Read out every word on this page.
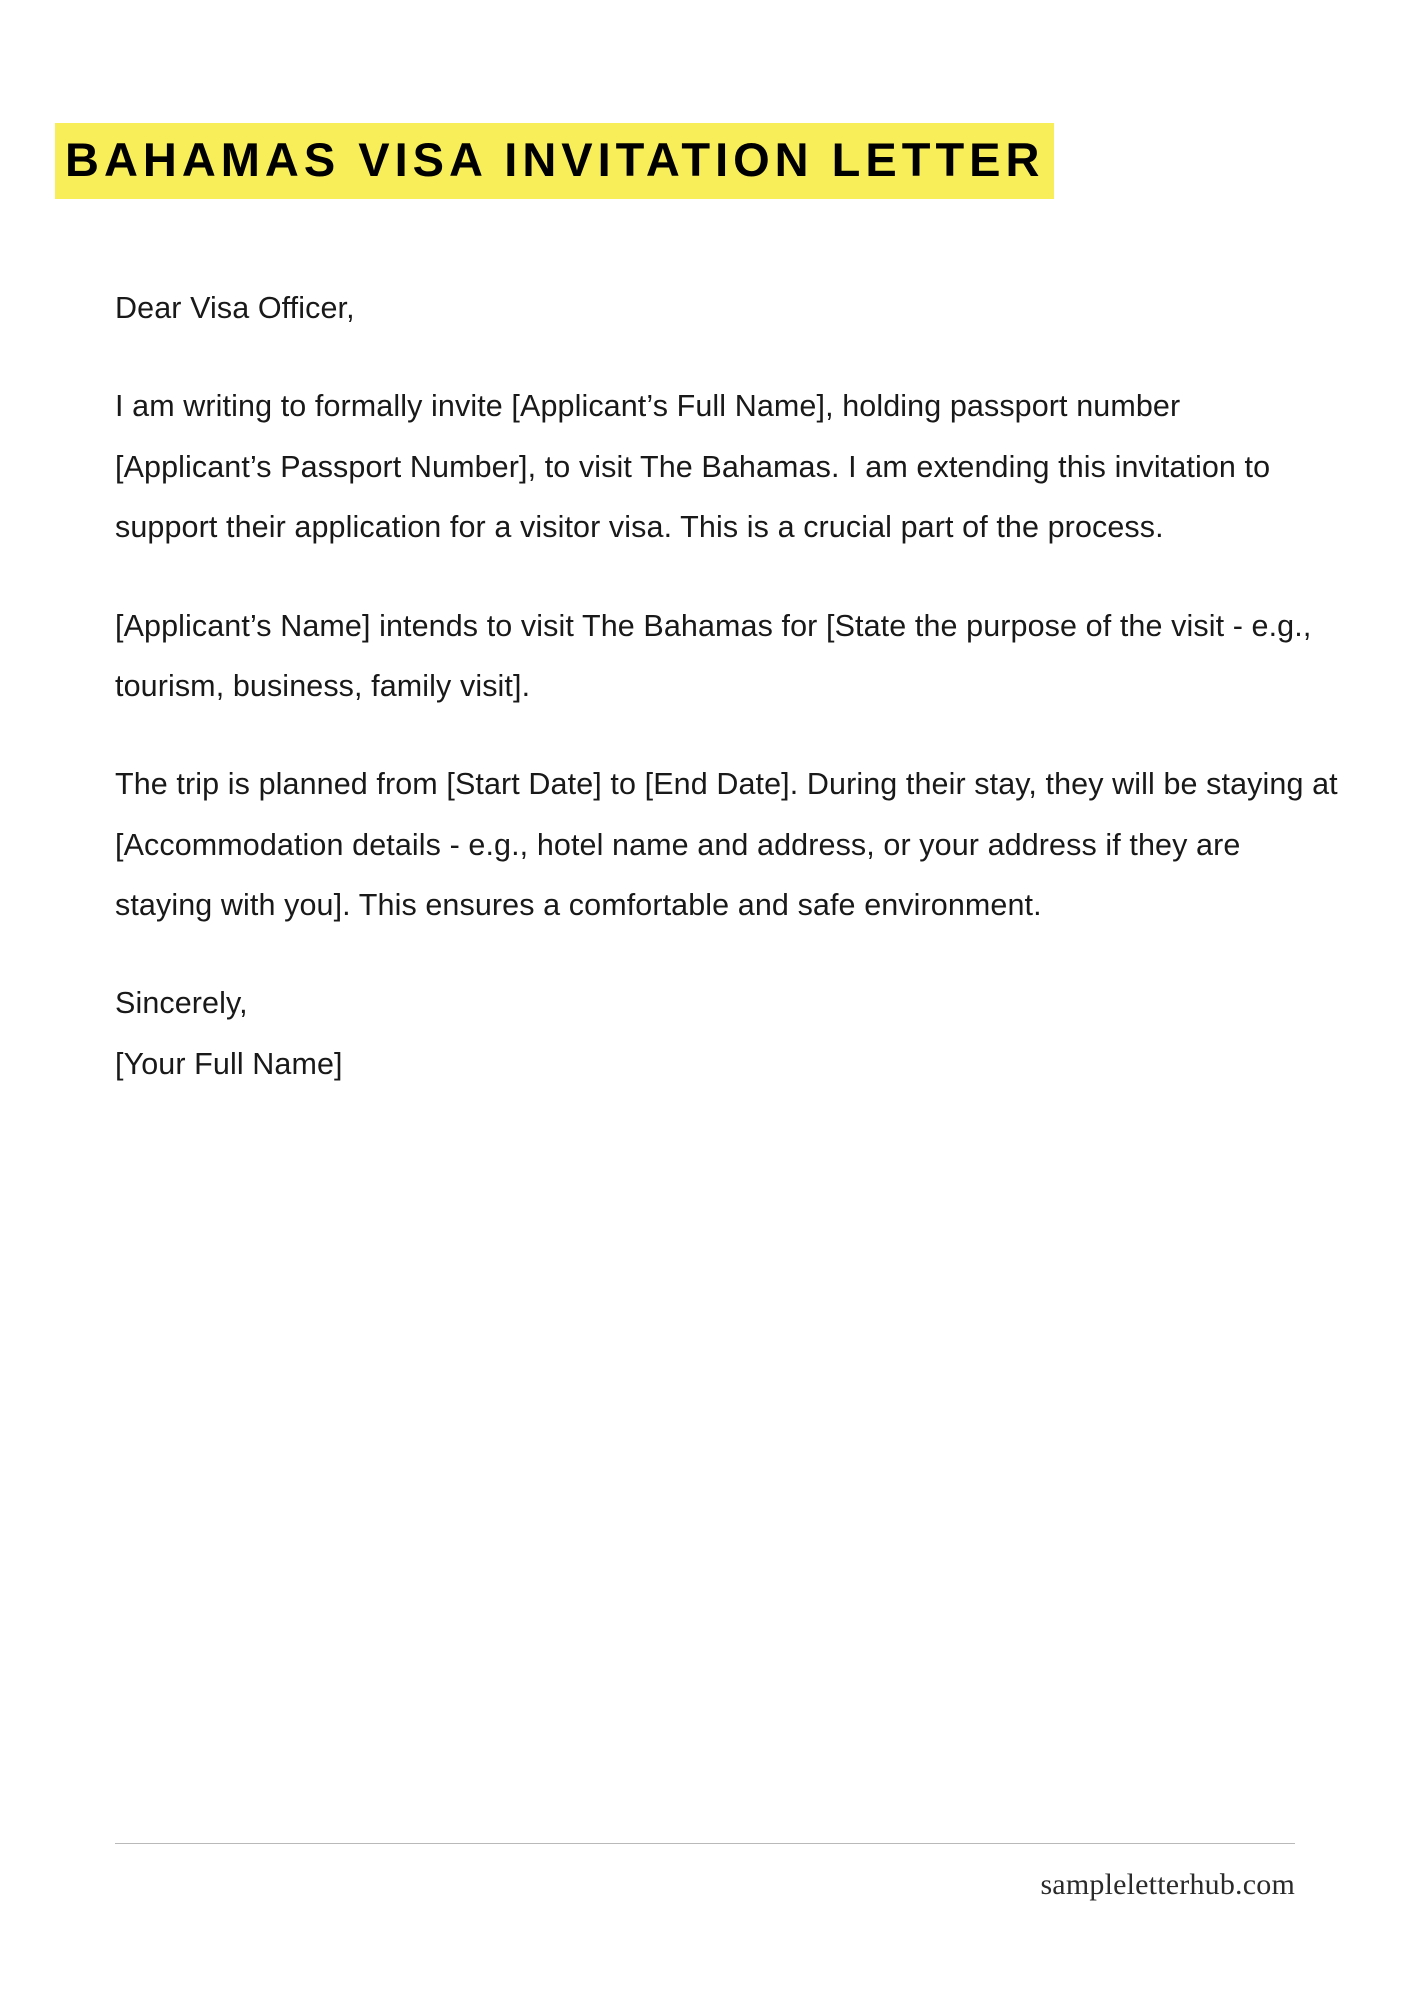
BAHAMAS VISA INVITATION LETTER

Dear Visa Officer,

I am writing to formally invite [Applicant’s Full Name], holding passport number [Applicant’s Passport Number], to visit The Bahamas. I am extending this invitation to support their application for a visitor visa. This is a crucial part of the process.

[Applicant’s Name] intends to visit The Bahamas for [State the purpose of the visit - e.g., tourism, business, family visit].

The trip is planned from [Start Date] to [End Date]. During their stay, they will be staying at [Accommodation details - e.g., hotel name and address, or your address if they are staying with you]. This ensures a comfortable and safe environment.

Sincerely,

[Your Full Name]

sampleletterhub.com
